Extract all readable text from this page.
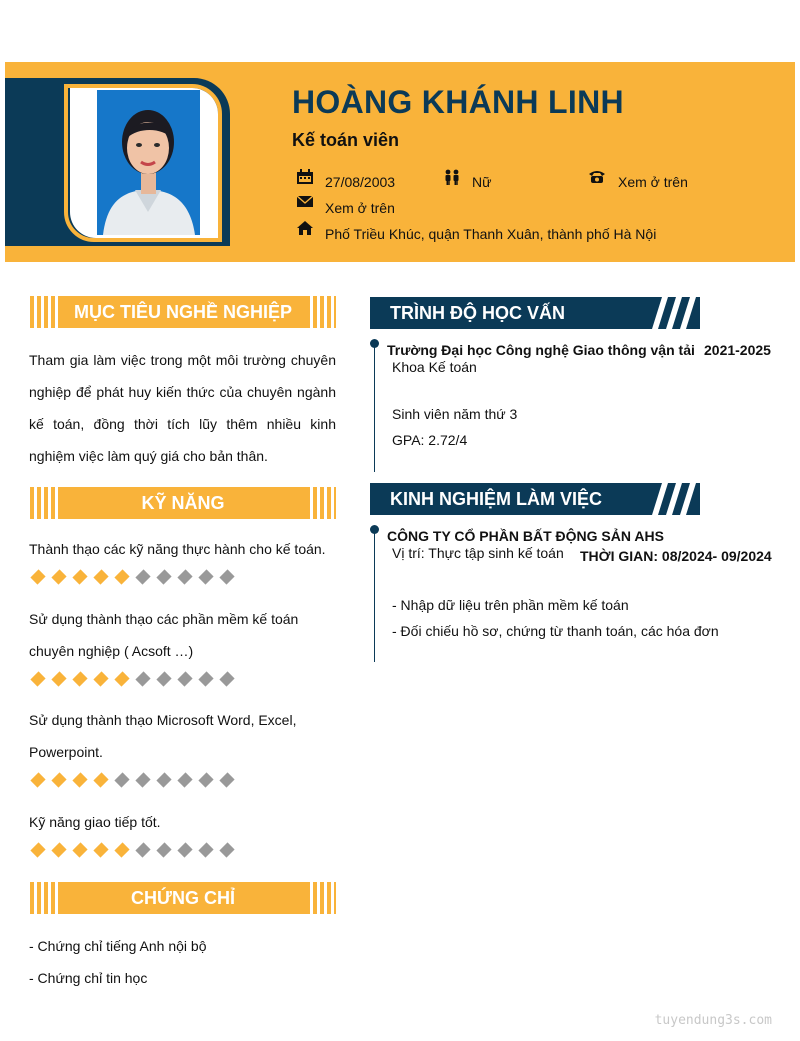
HOÀNG KHÁNH LINH
Kế toán viên
27/08/2003	Nữ	Xem ở trên
Xem ở trên
Phố Triều Khúc, quận Thanh Xuân, thành phố Hà Nội
MỤC TIÊU NGHỀ NGHIỆP
Tham gia làm việc trong một môi trường chuyên nghiệp để phát huy kiến thức của chuyên ngành kế toán, đồng thời tích lũy thêm nhiều kinh nghiệm việc làm quý giá cho bản thân.
KỸ NĂNG
Thành thạo các kỹ năng thực hành cho kế toán.
Sử dụng thành thạo các phần mềm kế toán chuyên nghiệp ( Acsoft …)
Sử dụng thành thạo Microsoft Word, Excel, Powerpoint.
Kỹ năng giao tiếp tốt.
CHỨNG CHỈ
- Chứng chỉ tiếng Anh nội bộ
- Chứng chỉ tin học
TRÌNH ĐỘ HỌC VẤN
Trường Đại học Công nghệ Giao thông vận tải 2021-2025
Khoa Kế toán
Sinh viên năm thứ 3
GPA: 2.72/4
KINH NGHIỆM LÀM VIỆC
CÔNG TY CỔ PHẦN BẤT ĐỘNG SẢN AHS
Vị trí: Thực tập sinh kế toán THỜI GIAN: 08/2024- 09/2024
- Nhập dữ liệu trên phần mềm kế toán
- Đối chiếu hồ sơ, chứng từ thanh toán, các hóa đơn
tuyendung3s.com
